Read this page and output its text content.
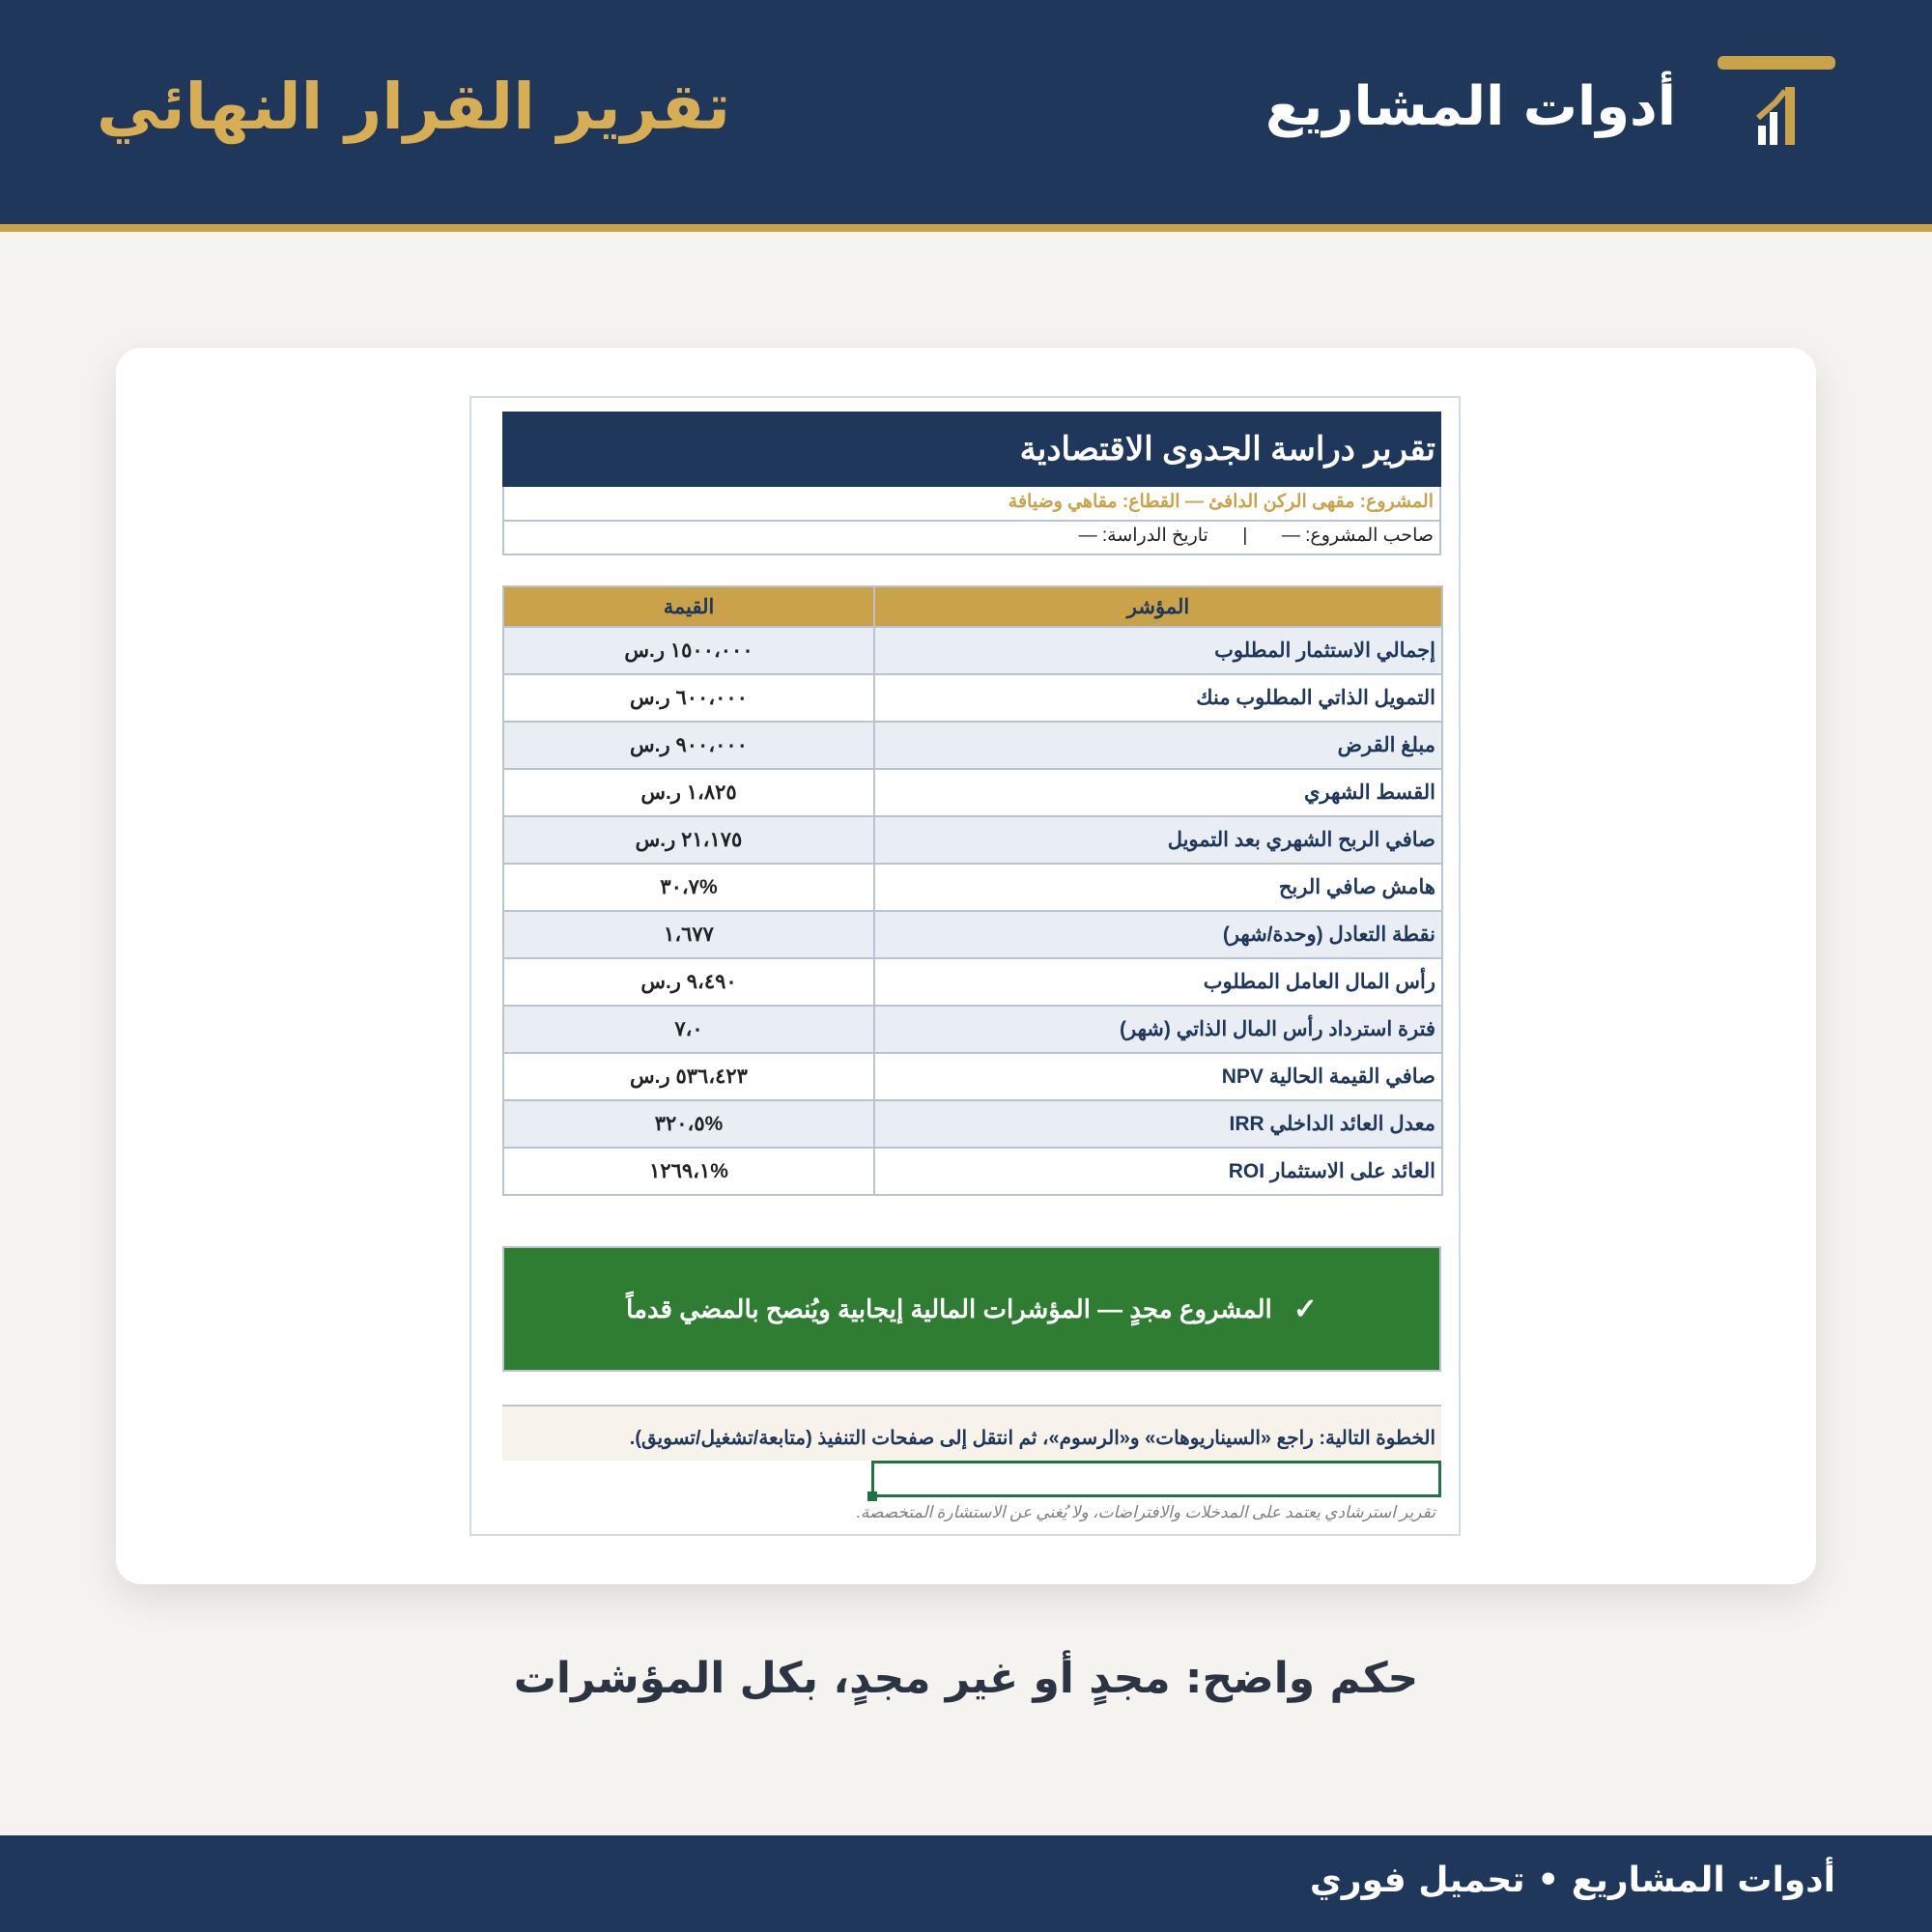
أدوات المشاريع
تقرير القرار النهائي
تقرير دراسة الجدوى الاقتصادية
المشروع: مقهى الركن الدافئ — القطاع: مقاهي وضيافة
صاحب المشروع: —|تاريخ الدراسة: —
المؤشر	القيمة
إجمالي الاستثمار المطلوب	١٥٠٠،٠٠٠ ر.س
التمويل الذاتي المطلوب منك	٦٠٠،٠٠٠ ر.س
مبلغ القرض	٩٠٠،٠٠٠ ر.س
القسط الشهري	١،٨٢٥ ر.س
صافي الربح الشهري بعد التمويل	٢١،١٧٥ ر.س
هامش صافي الربح	%٣٠،٧
نقطة التعادل (وحدة/شهر)	١،٦٧٧
رأس المال العامل المطلوب	٩،٤٩٠ ر.س
فترة استرداد رأس المال الذاتي (شهر)	٧،٠
صافي القيمة الحالية NPV	٥٣٦،٤٢٣ ر.س
معدل العائد الداخلي IRR	%٣٢٠،٥
العائد على الاستثمار ROI	%١٢٦٩،١
✓
المشروع مجدٍ — المؤشرات المالية إيجابية ويُنصح بالمضي قدماً
الخطوة التالية: راجع «السيناريوهات» و«الرسوم»، ثم انتقل إلى صفحات التنفيذ (متابعة/تشغيل/تسويق).
تقرير استرشادي يعتمد على المدخلات والافتراضات، ولا يُغني عن الاستشارة المتخصصة.
حكم واضح: مجدٍ أو غير مجدٍ، بكل المؤشرات
أدوات المشاريع • تحميل فوري
